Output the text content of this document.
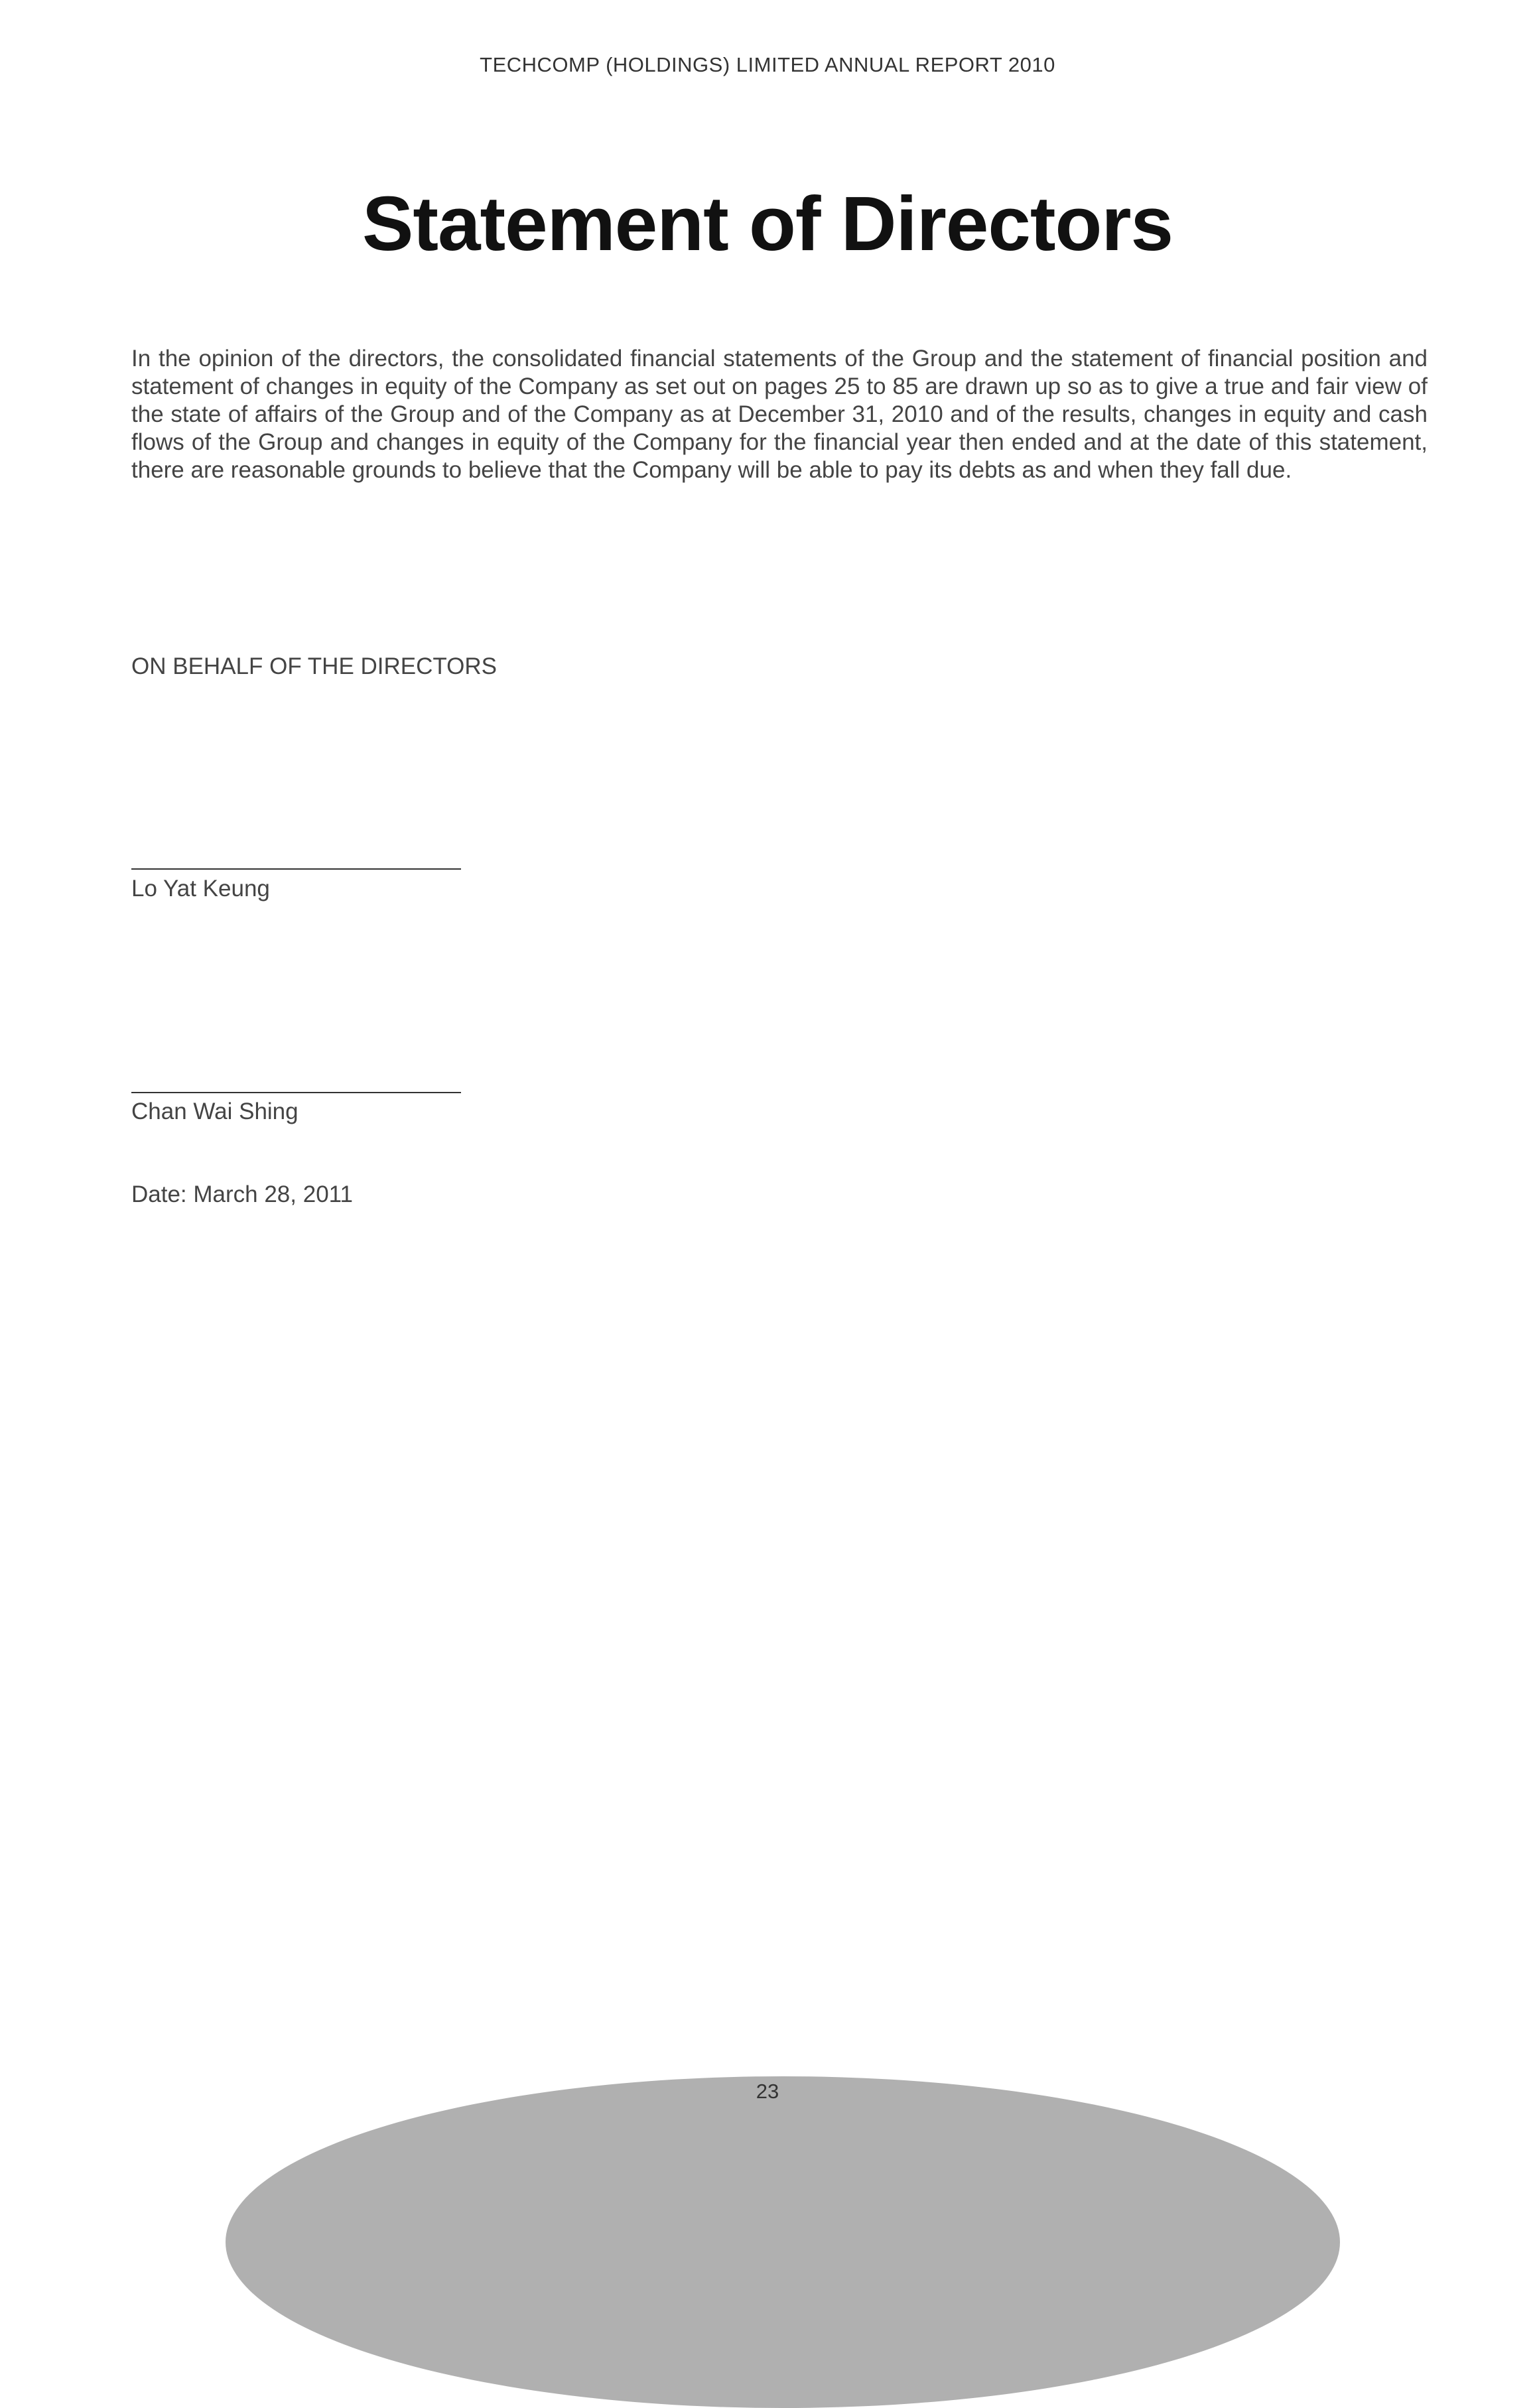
TECHCOMP (HOLDINGS) LIMITED ANNUAL REPORT 2010
Statement of Directors

In the opinion of the directors, the consolidated financial statements of the Group and the statement of financial position and statement of changes in equity of the Company as set out on pages 25 to 85 are drawn up so as to give a true and fair view of the state of affairs of the Group and of the Company as at December 31, 2010 and of the results, changes in equity and cash flows of the Group and changes in equity of the Company for the financial year then ended and at the date of this statement, there are reasonable grounds to believe that the Company will be able to pay its debts as and when they fall due.

ON BEHALF OF THE DIRECTORS
Lo Yat Keung
Chan Wai Shing
Date: March 28, 2011
23
